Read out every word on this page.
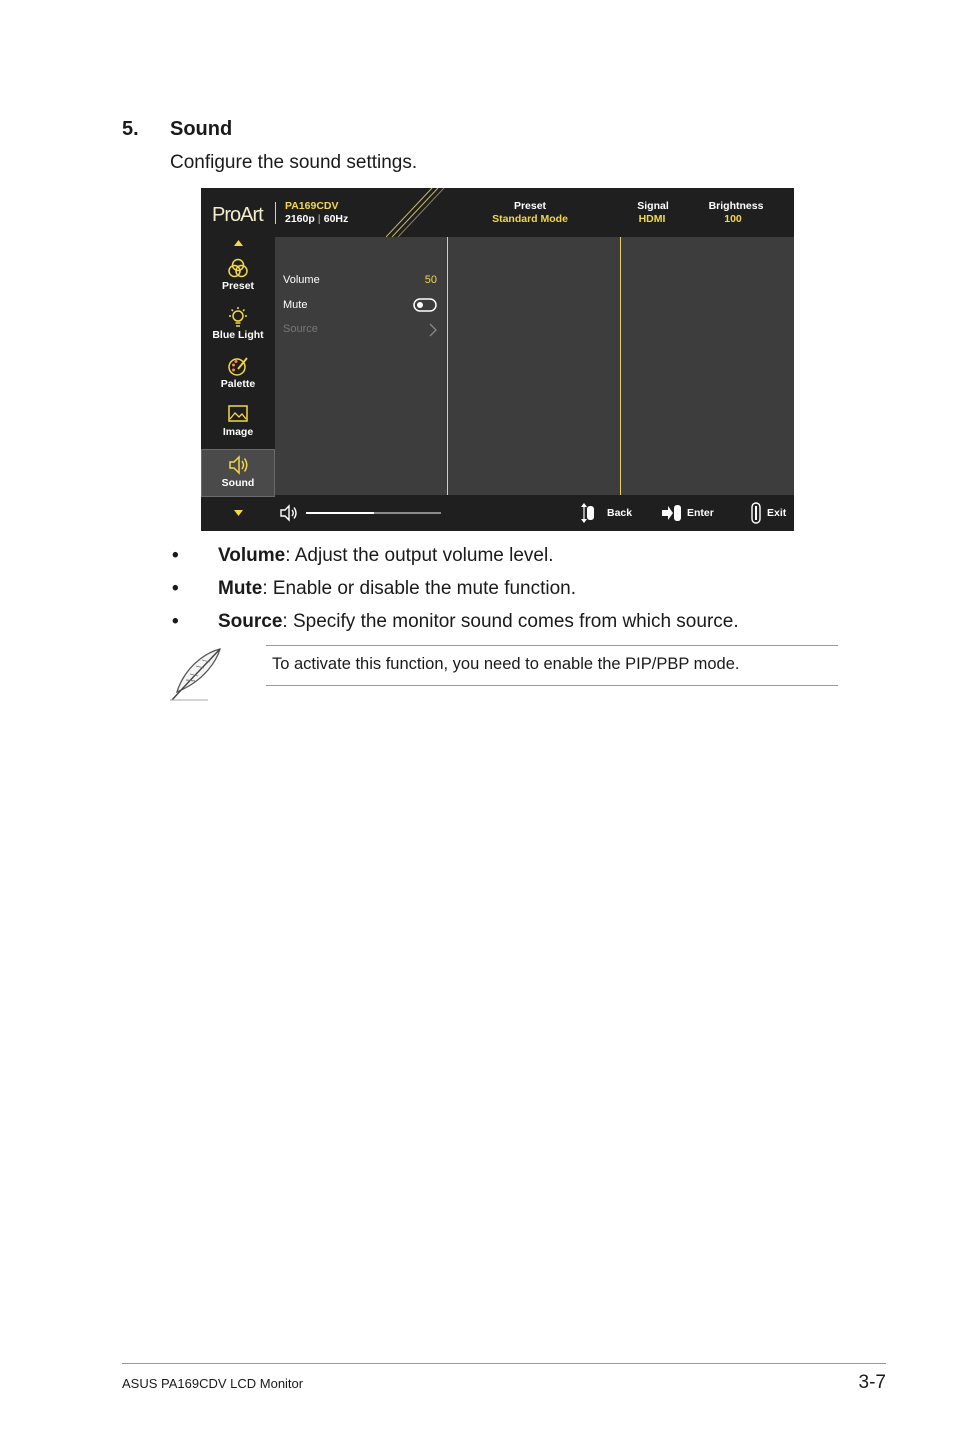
5. Sound
Configure the sound settings.
ProArt PA169CDV
2160p | 60Hz
Preset
Standard Mode
Signal
HDMI
Brightness
100
Preset
Blue Light
Palette
Image
Sound
Volume	50
Mute
Source
Back	Enter	Exit
• Volume: Adjust the output volume level.
• Mute: Enable or disable the mute function.
• Source: Specify the monitor sound comes from which source.
To activate this function, you need to enable the PIP/PBP mode.
ASUS PA169CDV LCD Monitor	3-7
